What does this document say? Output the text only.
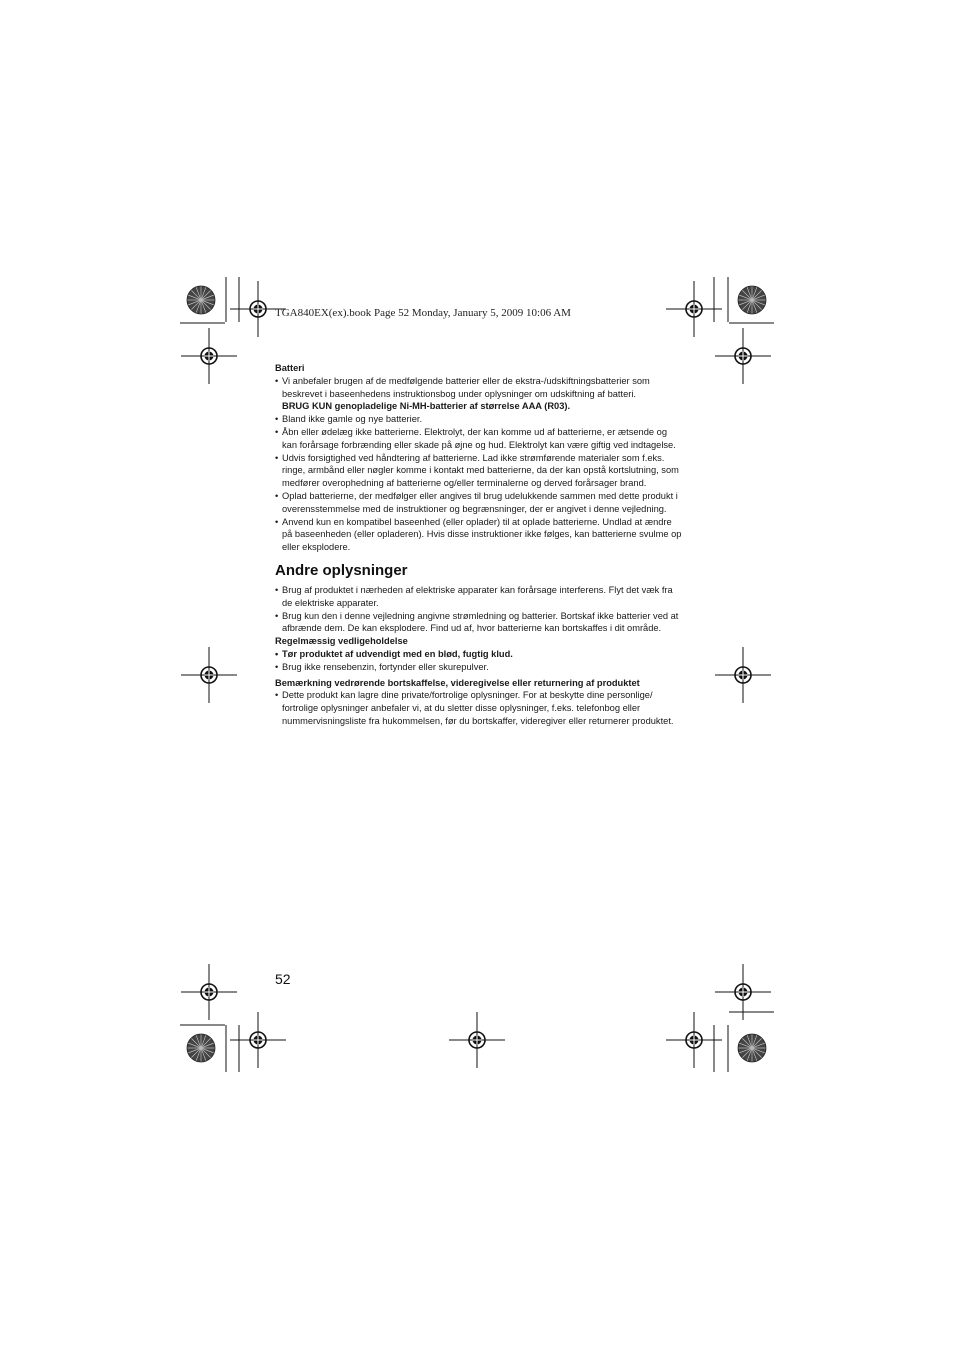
TGA840EX(ex).book Page 52 Monday, January 5, 2009 10:06 AM

Batteri

• Vi anbefaler brugen af de medfølgende batterier eller de ekstra-/udskiftningsbatterier som beskrevet i baseenhedens instruktionsbog under oplysninger om udskiftning af batteri.

BRUG KUN genopladelige Ni-MH-batterier af størrelse AAA (R03).

• Bland ikke gamle og nye batterier.
• Åbn eller ødelæg ikke batterierne. Elektrolyt, der kan komme ud af batterierne, er ætsende og kan forårsage forbrænding eller skade på øjne og hud. Elektrolyt kan være giftig ved indtagelse.
• Udvis forsigtighed ved håndtering af batterierne. Lad ikke strømførende materialer som f.eks. ringe, armbånd eller nøgler komme i kontakt med batterierne, da der kan opstå kortslutning, som medfører overophedning af batterierne og/eller terminalerne og derved forårsager brand.
• Oplad batterierne, der medfølger eller angives til brug udelukkende sammen med dette produkt i overensstemmelse med de instruktioner og begrænsninger, der er angivet i denne vejledning.
• Anvend kun en kompatibel baseenhed (eller oplader) til at oplade batterierne. Undlad at ændre på baseenheden (eller opladeren). Hvis disse instruktioner ikke følges, kan batterierne svulme op eller eksplodere.
Andre oplysninger
• Brug af produktet i nærheden af elektriske apparater kan forårsage interferens. Flyt det væk fra de elektriske apparater.
• Brug kun den i denne vejledning angivne strømledning og batterier. Bortskaf ikke batterier ved at afbrænde dem. De kan eksplodere. Find ud af, hvor batterierne kan bortskaffes i dit område.

Regelmæssig vedligeholdelse

• Tør produktet af udvendigt med en blød, fugtig klud.
• Brug ikke rensebenzin, fortynder eller skurepulver.

Bemærkning vedrørende bortskaffelse, videregivelse eller returnering af produktet

• Dette produkt kan lagre dine private/fortrolige oplysninger. For at beskytte dine personlige/ fortrolige oplysninger anbefaler vi, at du sletter disse oplysninger, f.eks. telefonbog eller nummervisningsliste fra hukommelsen, før du bortskaffer, videregiver eller returnerer produktet.
52
